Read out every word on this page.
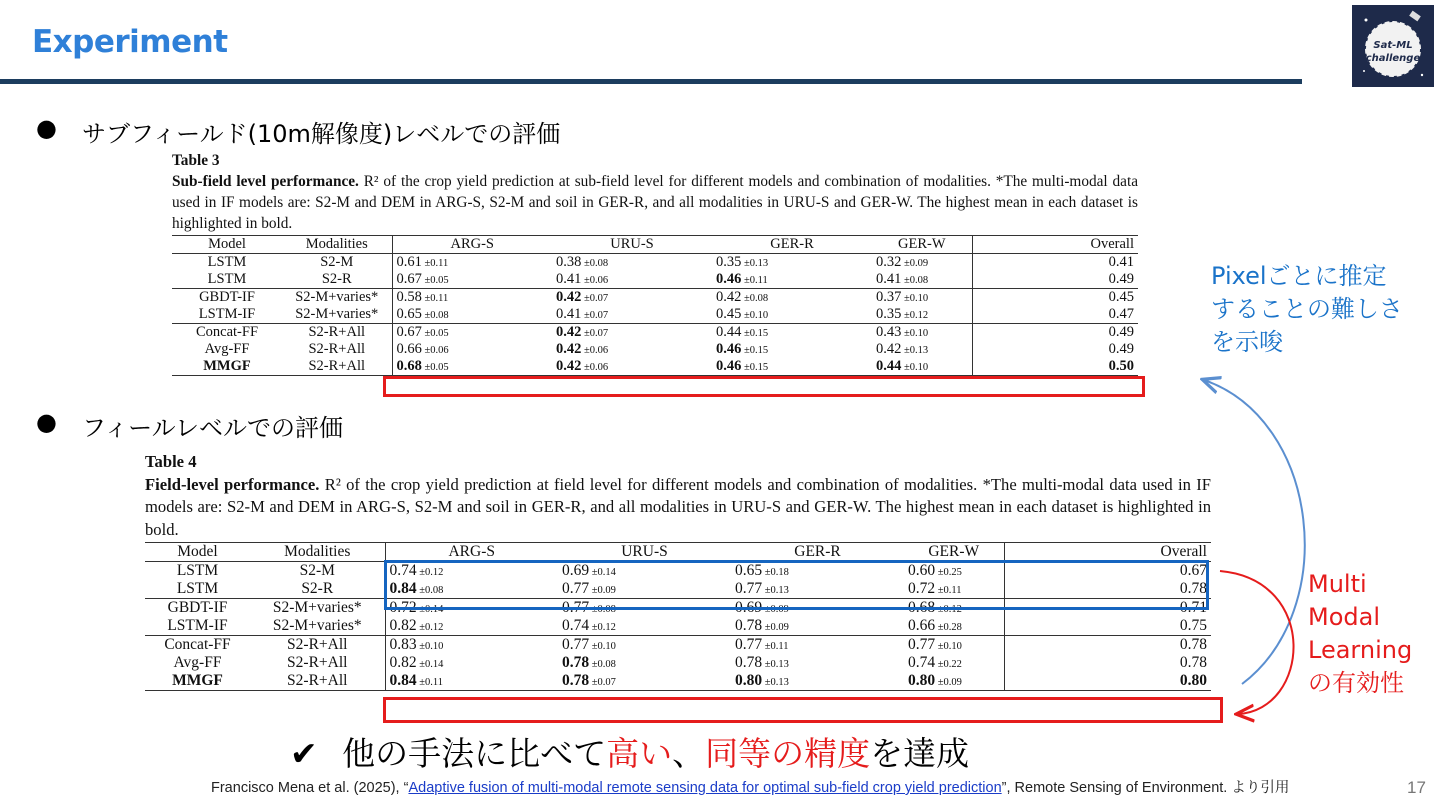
Experiment	Sat-ML
challenge
● サブフィールド(10m解像度)レベルでの評価
Table 3
Sub-field level performance. R² of the crop yield prediction at sub-field level for different models and combination of modalities. *The multi-modal data used in IF models are: S2-M and DEM in ARG-S, S2-M and soil in GER-R, and all modalities in URU-S and GER-W. The highest mean in each dataset is highlighted in bold.
Model	Modalities	ARG-S	URU-S	GER-R	GER-W	Overall
LSTM	S2-M	0.61 ±0.11	0.38 ±0.08	0.35 ±0.13	0.32 ±0.09	0.41
LSTM	S2-R	0.67 ±0.05	0.41 ±0.06	0.46 ±0.11	0.41 ±0.08	0.49
GBDT-IF	S2-M+varies*	0.58 ±0.11	0.42 ±0.07	0.42 ±0.08	0.37 ±0.10	0.45
LSTM-IF	S2-M+varies*	0.65 ±0.08	0.41 ±0.07	0.45 ±0.10	0.35 ±0.12	0.47
Concat-FF	S2-R+All	0.67 ±0.05	0.42 ±0.07	0.44 ±0.15	0.43 ±0.10	0.49
Avg-FF	S2-R+All	0.66 ±0.06	0.42 ±0.06	0.46 ±0.15	0.42 ±0.13	0.49
MMGF	S2-R+All	0.68 ±0.05	0.42 ±0.06	0.46 ±0.15	0.44 ±0.10	0.50
● フィールレベルでの評価
Table 4
Field-level performance. R² of the crop yield prediction at field level for different models and combination of modalities. *The multi-modal data used in IF models are: S2-M and DEM in ARG-S, S2-M and soil in GER-R, and all modalities in URU-S and GER-W. The highest mean in each dataset is highlighted in bold.
Model	Modalities	ARG-S	URU-S	GER-R	GER-W	Overall
LSTM	S2-M	0.74 ±0.12	0.69 ±0.14	0.65 ±0.18	0.60 ±0.25	0.67
LSTM	S2-R	0.84 ±0.08	0.77 ±0.09	0.77 ±0.13	0.72 ±0.11	0.78
GBDT-IF	S2-M+varies*	0.72 ±0.14	0.77 ±0.08	0.69 ±0.09	0.68 ±0.12	0.71
LSTM-IF	S2-M+varies*	0.82 ±0.12	0.74 ±0.12	0.78 ±0.09	0.66 ±0.28	0.75
Concat-FF	S2-R+All	0.83 ±0.10	0.77 ±0.10	0.77 ±0.11	0.77 ±0.10	0.78
Avg-FF	S2-R+All	0.82 ±0.14	0.78 ±0.08	0.78 ±0.13	0.74 ±0.22	0.78
MMGF	S2-R+All	0.84 ±0.11	0.78 ±0.07	0.80 ±0.13	0.80 ±0.09	0.80
Pixelごとに推定
することの難しさ
を示唆
Multi
Modal
Learning
の有効性
✔ 他の手法に比べて高い、同等の精度を達成
Francisco Mena et al. (2025), “Adaptive fusion of multi-modal remote sensing data for optimal sub-field crop yield prediction”, Remote Sensing of Environment. より引用	17
